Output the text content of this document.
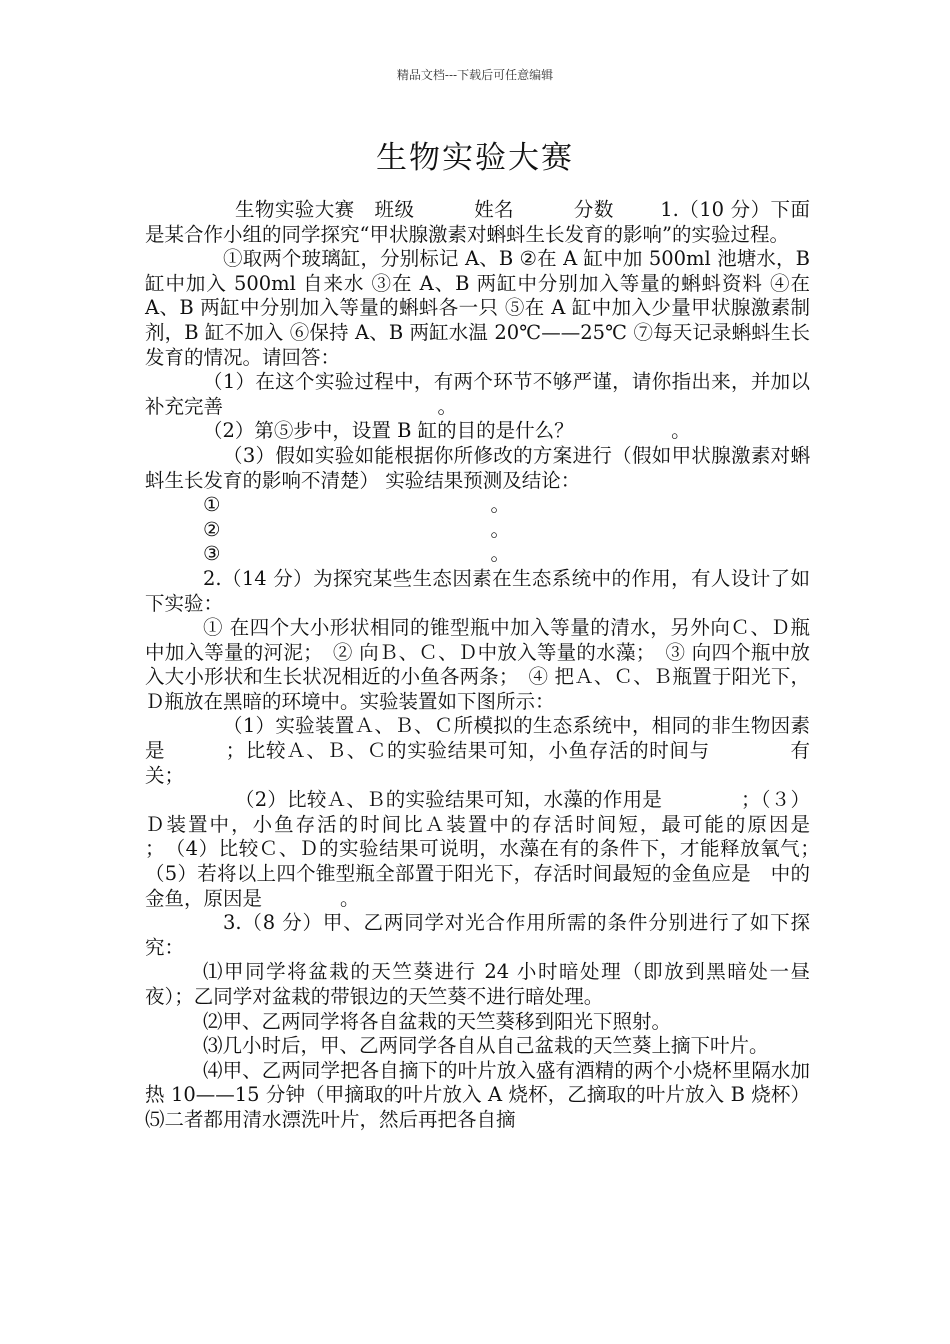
精品文档---下载后可任意编辑
生物实验大赛

生物实验大赛　班级　　　姓名　　　分数　　 1.（10 分）下面是某合作小组的同学探究“甲状腺激素对蝌蚪生长发育的影响”的实验过程。

①取两个玻璃缸，分别标记 A、B ②在 A 缸中加 500ml 池塘水，B 缸中加入 500ml 自来水 ③在 A、B 两缸中分别加入等量的蝌蚪资料 ④在 A、B 两缸中分别加入等量的蝌蚪各一只 ⑤在 A 缸中加入少量甲状腺激素制剂，B 缸不加入 ⑥保持 A、B 两缸水温 20℃——25℃ ⑦每天记录蝌蚪生长发育的情况。请回答：

（1）在这个实验过程中，有两个环节不够严谨，请你指出来，并加以补充完善　　　　　　　　　　　。

（2）第⑤步中，设置 B 缸的目的是什么？　　　　　。

（3）假如实验如能根据你所修改的方案进行（假如甲状腺激素对蝌蚪生长发育的影响不清楚） 实验结果预测及结论：

①	。
②	。
③	。

2.（14 分）为探究某些生态因素在生态系统中的作用，有人设计了如下实验：

① 在四个大小形状相同的锥型瓶中加入等量的清水，另外向Ｃ、Ｄ瓶中加入等量的河泥；　② 向Ｂ、Ｃ、Ｄ中放入等量的水藻；　③ 向四个瓶中放入大小形状和生长状况相近的小鱼各两条；　④ 把Ａ、Ｃ、Ｂ瓶置于阳光下，Ｄ瓶放在黑暗的环境中。实验装置如下图所示：

（1）实验装置Ａ、Ｂ、Ｃ所模拟的生态系统中，相同的非生物因素是　　　；比较Ａ、Ｂ、Ｃ的实验结果可知，小鱼存活的时间与　　　　有关；

（2）比较Ａ、Ｂ的实验结果可知，水藻的作用是　　　　；（３）Ｄ装置中，小鱼存活的时间比Ａ装置中的存活时间短，最可能的原因是　　　；　（4）比较Ｃ、Ｄ的实验结果可说明，水藻在有的条件下，才能释放氧气；　（5）若将以上四个锥型瓶全部置于阳光下，存活时间最短的金鱼应是　中的金鱼，原因是　　　　。

3.（8 分）甲、乙两同学对光合作用所需的条件分别进行了如下探究：

⑴甲同学将盆栽的天竺葵进行 24 小时暗处理（即放到黑暗处一昼夜）；乙同学对盆栽的带银边的天竺葵不进行暗处理。

⑵甲、乙两同学将各自盆栽的天竺葵移到阳光下照射。

⑶几小时后，甲、乙两同学各自从自己盆栽的天竺葵上摘下叶片。

⑷甲、乙两同学把各自摘下的叶片放入盛有酒精的两个小烧杯里隔水加热 10——15 分钟（甲摘取的叶片放入 A 烧杯，乙摘取的叶片放入 B 烧杯） ⑸二者都用清水漂洗叶片，然后再把各自摘
